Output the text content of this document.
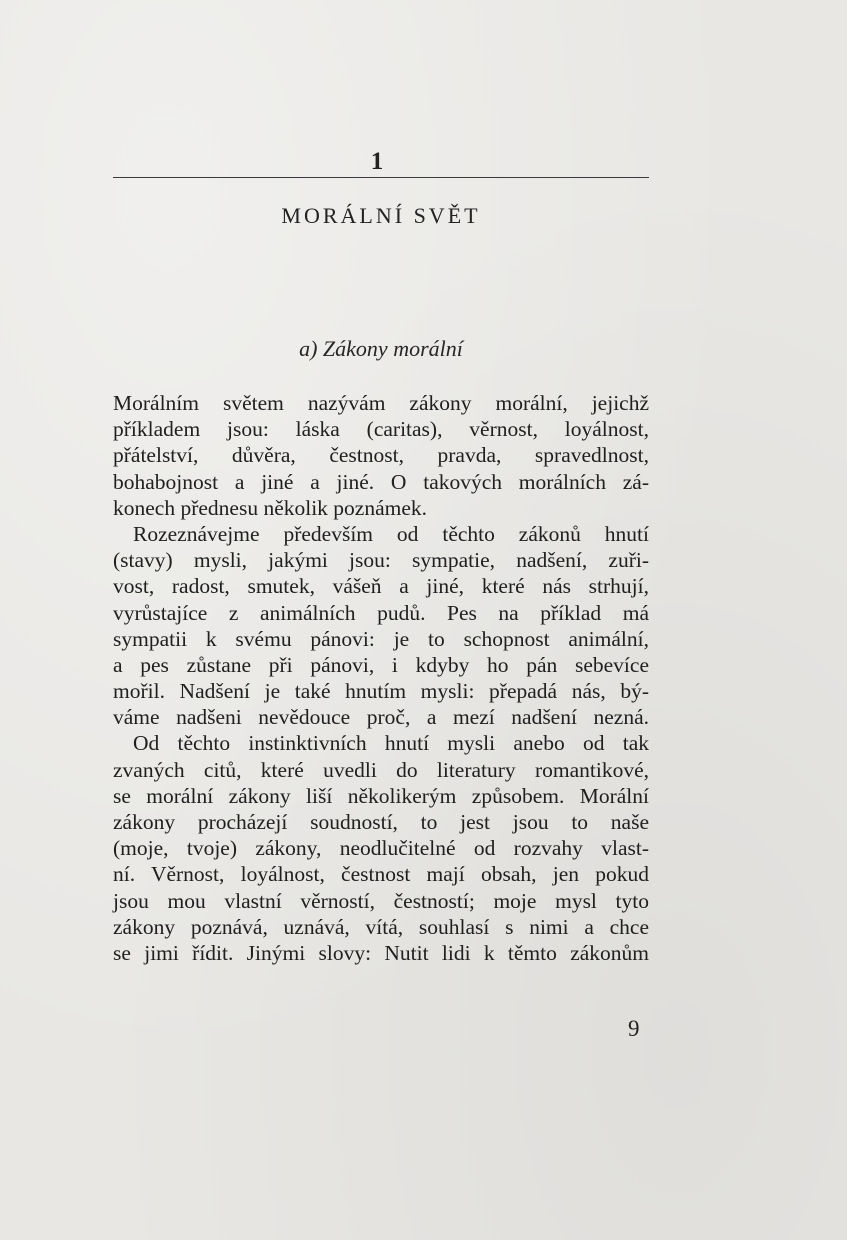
1
MORÁLNÍ SVĚT
a) Zákony morální
Morálním světem nazývám zákony morální, jejichž
příkladem jsou: láska (caritas), věrnost, loyálnost,
přátelství, důvěra, čestnost, pravda, spravedlnost,
bohabojnost a jiné a jiné. O takových morálních zá-
konech přednesu několik poznámek.
Rozeznávejme především od těchto zákonů hnutí
(stavy) mysli, jakými jsou: sympatie, nadšení, zuři-
vost, radost, smutek, vášeň a jiné, které nás strhují,
vyrůstajíce z animálních pudů. Pes na příklad má
sympatii k svému pánovi: je to schopnost animální,
a pes zůstane při pánovi, i kdyby ho pán sebevíce
mořil. Nadšení je také hnutím mysli: přepadá nás, bý-
váme nadšeni nevědouce proč, a mezí nadšení nezná.
Od těchto instinktivních hnutí mysli anebo od tak
zvaných citů, které uvedli do literatury romantikové,
se morální zákony liší několikerým způsobem. Morální
zákony procházejí soudností, to jest jsou to naše
(moje, tvoje) zákony, neodlučitelné od rozvahy vlast-
ní. Věrnost, loyálnost, čestnost mají obsah, jen pokud
jsou mou vlastní věrností, čestností; moje mysl tyto
zákony poznává, uznává, vítá, souhlasí s nimi a chce
se jimi řídit. Jinými slovy: Nutit lidi k těmto zákonům
9
